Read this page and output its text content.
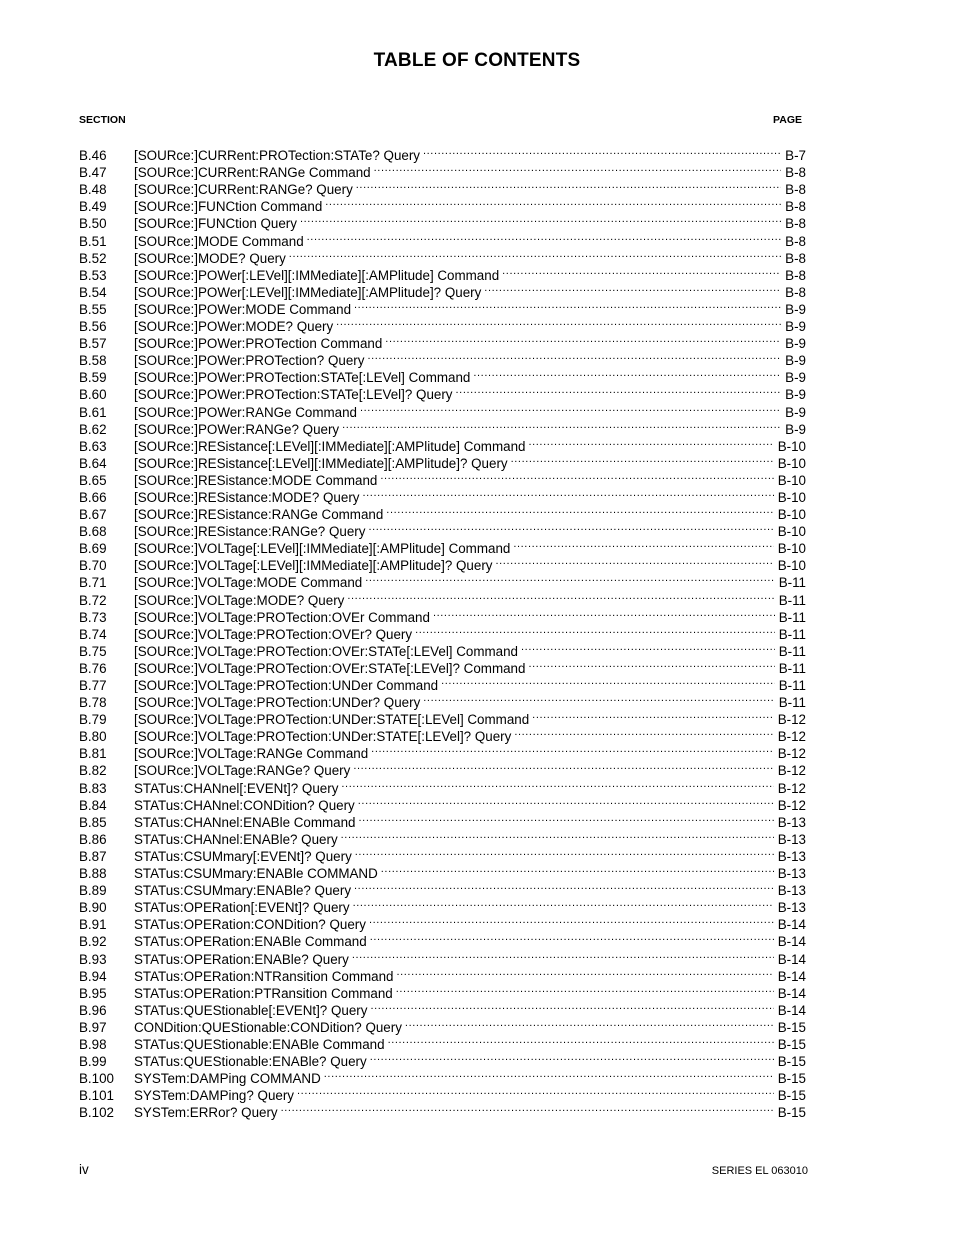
TABLE OF CONTENTS
SECTION	PAGE
B.46	[SOURce:]CURRent:PROTection:STATe? Query .....	B-7
B.47	[SOURce:]CURRent:RANGe Command .....	B-8
B.48	[SOURce:]CURRent:RANGe? Query .....	B-8
B.49	[SOURce:]FUNCtion Command .....	B-8
B.50	[SOURce:]FUNCtion Query .....	B-8
B.51	[SOURce:]MODE Command .....	B-8
B.52	[SOURce:]MODE? Query .....	B-8
B.53	[SOURce:]POWer[:LEVel][:IMMediate][:AMPlitude] Command .....	B-8
B.54	[SOURce:]POWer[:LEVel][:IMMediate][:AMPlitude]? Query .....	B-8
B.55	[SOURce:]POWer:MODE Command .....	B-9
B.56	[SOURce:]POWer:MODE? Query .....	B-9
B.57	[SOURce:]POWer:PROTection Command .....	B-9
B.58	[SOURce:]POWer:PROTection? Query .....	B-9
B.59	[SOURce:]POWer:PROTection:STATe[:LEVel] Command .....	B-9
B.60	[SOURce:]POWer:PROTection:STATe[:LEVel]? Query .....	B-9
B.61	[SOURce:]POWer:RANGe Command .....	B-9
B.62	[SOURce:]POWer:RANGe? Query .....	B-9
B.63	[SOURce:]RESistance[:LEVel][:IMMediate][:AMPlitude] Command .....	B-10
B.64	[SOURce:]RESistance[:LEVel][:IMMediate][:AMPlitude]? Query .....	B-10
B.65	[SOURce:]RESistance:MODE Command .....	B-10
B.66	[SOURce:]RESistance:MODE? Query .....	B-10
B.67	[SOURce:]RESistance:RANGe Command .....	B-10
B.68	[SOURce:]RESistance:RANGe? Query .....	B-10
B.69	[SOURce:]VOLTage[:LEVel][:IMMediate][:AMPlitude] Command .....	B-10
B.70	[SOURce:]VOLTage[:LEVel][:IMMediate][:AMPlitude]? Query .....	B-10
B.71	[SOURce:]VOLTage:MODE Command .....	B-11
B.72	[SOURce:]VOLTage:MODE? Query .....	B-11
B.73	[SOURce:]VOLTage:PROTection:OVEr Command .....	B-11
B.74	[SOURce:]VOLTage:PROTection:OVEr? Query .....	B-11
B.75	[SOURce:]VOLTage:PROTection:OVEr:STATe[:LEVel] Command .....	B-11
B.76	[SOURce:]VOLTage:PROTection:OVEr:STATe[:LEVel]? Command .....	B-11
B.77	[SOURce:]VOLTage:PROTection:UNDer Command .....	B-11
B.78	[SOURce:]VOLTage:PROTection:UNDer? Query .....	B-11
B.79	[SOURce:]VOLTage:PROTection:UNDer:STATE[:LEVel] Command .....	B-12
B.80	[SOURce:]VOLTage:PROTection:UNDer:STATE[:LEVel]? Query .....	B-12
B.81	[SOURce:]VOLTage:RANGe Command .....	B-12
B.82	[SOURce:]VOLTage:RANGe? Query .....	B-12
B.83	STATus:CHANnel[:EVENt]? Query .....	B-12
B.84	STATus:CHANnel:CONDition? Query .....	B-12
B.85	STATus:CHANnel:ENABle Command .....	B-13
B.86	STATus:CHANnel:ENABle? Query .....	B-13
B.87	STATus:CSUMmary[:EVENt]? Query .....	B-13
B.88	STATus:CSUMmary:ENABle COMMAND .....	B-13
B.89	STATus:CSUMmary:ENABle? Query .....	B-13
B.90	STATus:OPERation[:EVENt]? Query .....	B-13
B.91	STATus:OPERation:CONDition? Query .....	B-14
B.92	STATus:OPERation:ENABle Command .....	B-14
B.93	STATus:OPERation:ENABle? Query .....	B-14
B.94	STATus:OPERation:NTRansition Command .....	B-14
B.95	STATus:OPERation:PTRansition Command .....	B-14
B.96	STATus:QUEStionable[:EVENt]? Query .....	B-14
B.97	CONDition:QUEStionable:CONDition? Query .....	B-15
B.98	STATus:QUEStionable:ENABle Command .....	B-15
B.99	STATus:QUEStionable:ENABle? Query .....	B-15
B.100	SYSTem:DAMPing COMMAND .....	B-15
B.101	SYSTem:DAMPing? Query .....	B-15
B.102	SYSTem:ERRor? Query .....	B-15
iv	SERIES EL 063010
